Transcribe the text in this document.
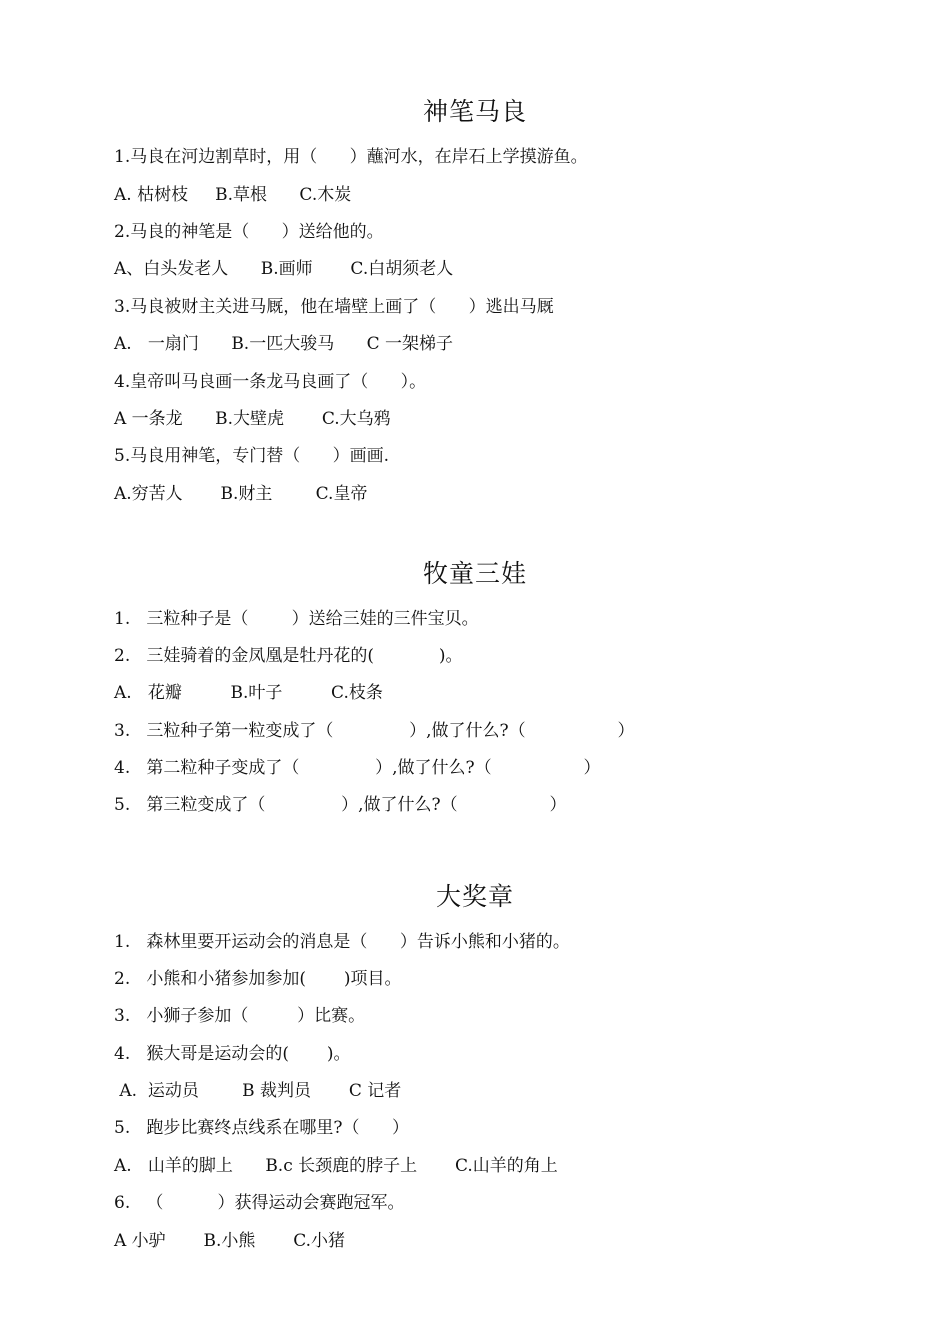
神笔马良
1.马良在河边割草时，用（      ）蘸河水，在岸石上学摸游鱼。
A. 枯树枝     B.草根      C.木炭
2.马良的神笔是（      ）送给他的。
A、白头发老人      B.画师       C.白胡须老人
3.马良被财主关进马厩，他在墙壁上画了（      ）逃出马厩
A.   一扇门      B.一匹大骏马      C 一架梯子
4.皇帝叫马良画一条龙马良画了（      ）。
A 一条龙      B.大壁虎       C.大乌鸦
5.马良用神笔，专门替（      ）画画.
A.穷苦人       B.财主        C.皇帝
牧童三娃
1.   三粒种子是（        ）送给三娃的三件宝贝。
2.   三娃骑着的金凤凰是牡丹花的(            )。
A.   花瓣         B.叶子         C.枝条
3.   三粒种子第一粒变成了（              ）,做了什么?（                 ）
4.   第二粒种子变成了（              ）,做了什么?（                 ）
5.   第三粒变成了（              ）,做了什么?（                 ）
大奖章
1.   森林里要开运动会的消息是（      ）告诉小熊和小猪的。
2.   小熊和小猪参加参加(       )项目。
3.   小狮子参加（         ）比赛。
4.   猴大哥是运动会的(       )。
A.  运动员        B 裁判员       C 记者
5.   跑步比赛终点线系在哪里?（      ）
A.   山羊的脚上      B.c 长颈鹿的脖子上       C.山羊的角上
6.   （          ）获得运动会赛跑冠军。
A 小驴       B.小熊       C.小猪
